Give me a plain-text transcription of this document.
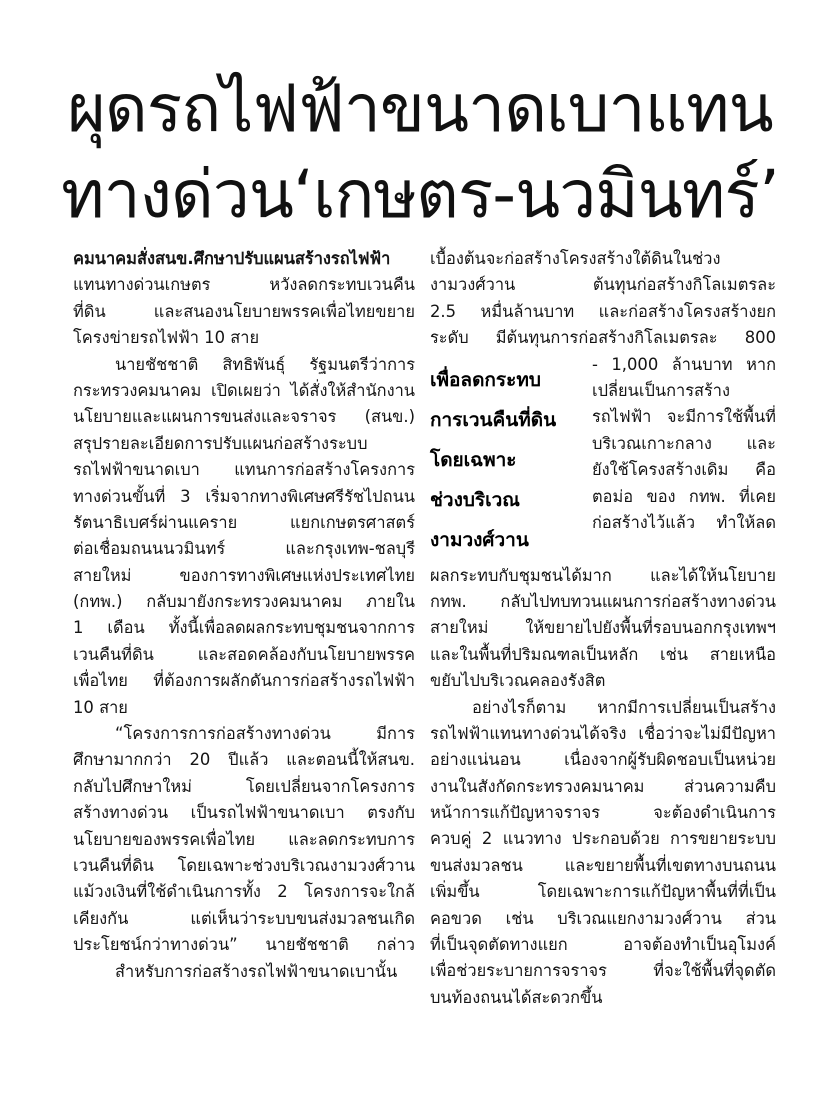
ผุดรถไฟฟ้าขนาดเบาแทน
ทางด่วน‘เกษตร-นวมินทร์’
คมนาคมสั่งสนข.ศึกษาปรับแผนสร้างรถไฟฟ้า
แทนทางด่วนเกษตร หวังลดกระทบเวนคืน
ที่ดิน และสนองนโยบายพรรคเพื่อไทยขยาย
โครงข่ายรถไฟฟ้า 10 สาย
นายชัชชาติ สิทธิพันธุ์ รัฐมนตรีว่าการ
กระทรวงคมนาคม เปิดเผยว่า ได้สั่งให้สำนักงาน
นโยบายและแผนการขนส่งและจราจร (สนข.)
สรุปรายละเอียดการปรับแผนก่อสร้างระบบ
รถไฟฟ้าขนาดเบา แทนการก่อสร้างโครงการ
ทางด่วนขั้นที่ 3 เริ่มจากทางพิเศษศรีรัชไปถนน
รัตนาธิเบศร์ผ่านแคราย แยกเกษตรศาสตร์
ต่อเชื่อมถนนนวมินทร์ และกรุงเทพ-ชลบุรี
สายใหม่ ของการทางพิเศษแห่งประเทศไทย
(กทพ.) กลับมายังกระทรวงคมนาคม ภายใน
1 เดือน ทั้งนี้เพื่อลดผลกระทบชุมชนจากการ
เวนคืนที่ดิน และสอดคล้องกับนโยบายพรรค
เพื่อไทย ที่ต้องการผลักดันการก่อสร้างรถไฟฟ้า
10 สาย
“โครงการการก่อสร้างทางด่วน มีการ
ศึกษามากกว่า 20 ปีแล้ว และตอนนี้ให้สนข.
กลับไปศึกษาใหม่ โดยเปลี่ยนจากโครงการ
สร้างทางด่วน เป็นรถไฟฟ้าขนาดเบา ตรงกับ
นโยบายของพรรคเพื่อไทย และลดกระทบการ
เวนคืนที่ดิน โดยเฉพาะช่วงบริเวณงามวงศ์วาน
แม้วงเงินที่ใช้ดำเนินการทั้ง 2 โครงการจะใกล้
เคียงกัน แต่เห็นว่าระบบขนส่งมวลชนเกิด
ประโยชน์กว่าทางด่วน” นายชัชชาติ กล่าว
สำหรับการก่อสร้างรถไฟฟ้าขนาดเบานั้น
เบื้องต้นจะก่อสร้างโครงสร้างใต้ดินในช่วง
งามวงศ์วาน ต้นทุนก่อสร้างกิโลเมตรละ
2.5 หมื่นล้านบาท และก่อสร้างโครงสร้างยก
ระดับ มีต้นทุนการก่อสร้างกิโลเมตรละ 800
เพื่อลดกระทบ
การเวนคืนที่ดิน
โดยเฉพาะ
ช่วงบริเวณ
งามวงศ์วาน
- 1,000 ล้านบาท หาก
เปลี่ยนเป็นการสร้าง
รถไฟฟ้า จะมีการใช้พื้นที่
บริเวณเกาะกลาง และ
ยังใช้โครงสร้างเดิม คือ
ตอม่อ ของ กทพ. ที่เคย
ก่อสร้างไว้แล้ว ทำให้ลด
ผลกระทบกับชุมชนได้มาก และได้ให้นโยบาย
กทพ. กลับไปทบทวนแผนการก่อสร้างทางด่วน
สายใหม่ ให้ขยายไปยังพื้นที่รอบนอกกรุงเทพฯ
และในพื้นที่ปริมณฑลเป็นหลัก เช่น สายเหนือ
ขยับไปบริเวณคลองรังสิต
อย่างไรก็ตาม หากมีการเปลี่ยนเป็นสร้าง
รถไฟฟ้าแทนทางด่วนได้จริง เชื่อว่าจะไม่มีปัญหา
อย่างแน่นอน เนื่องจากผู้รับผิดชอบเป็นหน่วย
งานในสังกัดกระทรวงคมนาคม ส่วนความคืบ
หน้าการแก้ปัญหาจราจร จะต้องดำเนินการ
ควบคู่ 2 แนวทาง ประกอบด้วย การขยายระบบ
ขนส่งมวลชน และขยายพื้นที่เขตทางบนถนน
เพิ่มขึ้น โดยเฉพาะการแก้ปัญหาพื้นที่ที่เป็น
คอขวด เช่น บริเวณแยกงามวงศ์วาน ส่วน
ที่เป็นจุดตัดทางแยก อาจต้องทำเป็นอุโมงค์
เพื่อช่วยระบายการจราจร ที่จะใช้พื้นที่จุดตัด
บนท้องถนนได้สะดวกขึ้น
